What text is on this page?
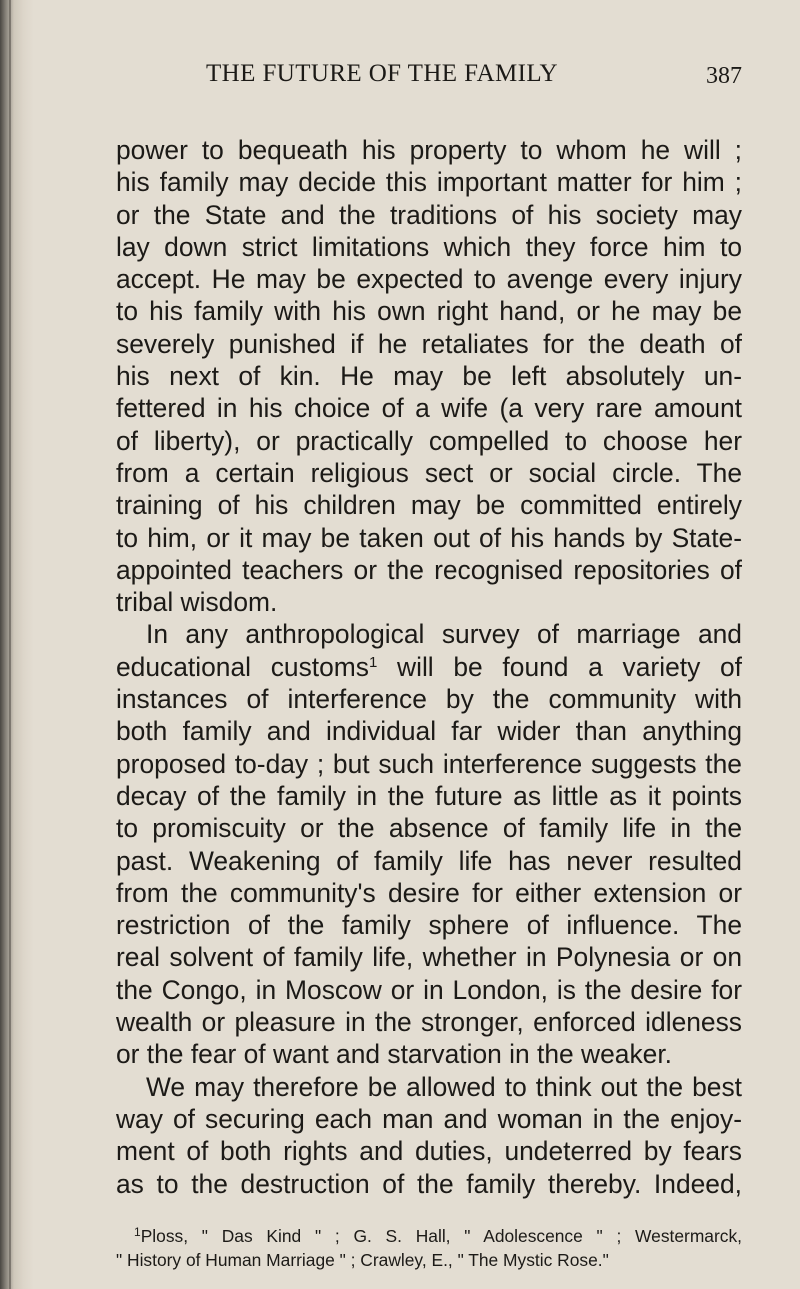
THE FUTURE OF THE FAMILY	387
power to bequeath his property to whom he will ;
his family may decide this important matter for him ;
or the State and the traditions of his society may
lay down strict limitations which they force him to
accept. He may be expected to avenge every injury
to his family with his own right hand, or he may be
severely punished if he retaliates for the death of
his next of kin. He may be left absolutely un-
fettered in his choice of a wife (a very rare amount
of liberty), or practically compelled to choose her
from a certain religious sect or social circle. The
training of his children may be committed entirely
to him, or it may be taken out of his hands by State-
appointed teachers or the recognised repositories of
tribal wisdom.
In any anthropological survey of marriage and
educational customs$^1$ will be found a variety of
instances of interference by the community with
both family and individual far wider than anything
proposed to-day ; but such interference suggests the
decay of the family in the future as little as it points
to promiscuity or the absence of family life in the
past. Weakening of family life has never resulted
from the community's desire for either extension or
restriction of the family sphere of influence. The
real solvent of family life, whether in Polynesia or on
the Congo, in Moscow or in London, is the desire for
wealth or pleasure in the stronger, enforced idleness
or the fear of want and starvation in the weaker.
We may therefore be allowed to think out the best
way of securing each man and woman in the enjoy-
ment of both rights and duties, undeterred by fears
as to the destruction of the family thereby. Indeed,
$^1$Ploss, " Das Kind " ; G. S. Hall, " Adolescence " ; Westermarck,
" History of Human Marriage " ; Crawley, E., " The Mystic Rose."
